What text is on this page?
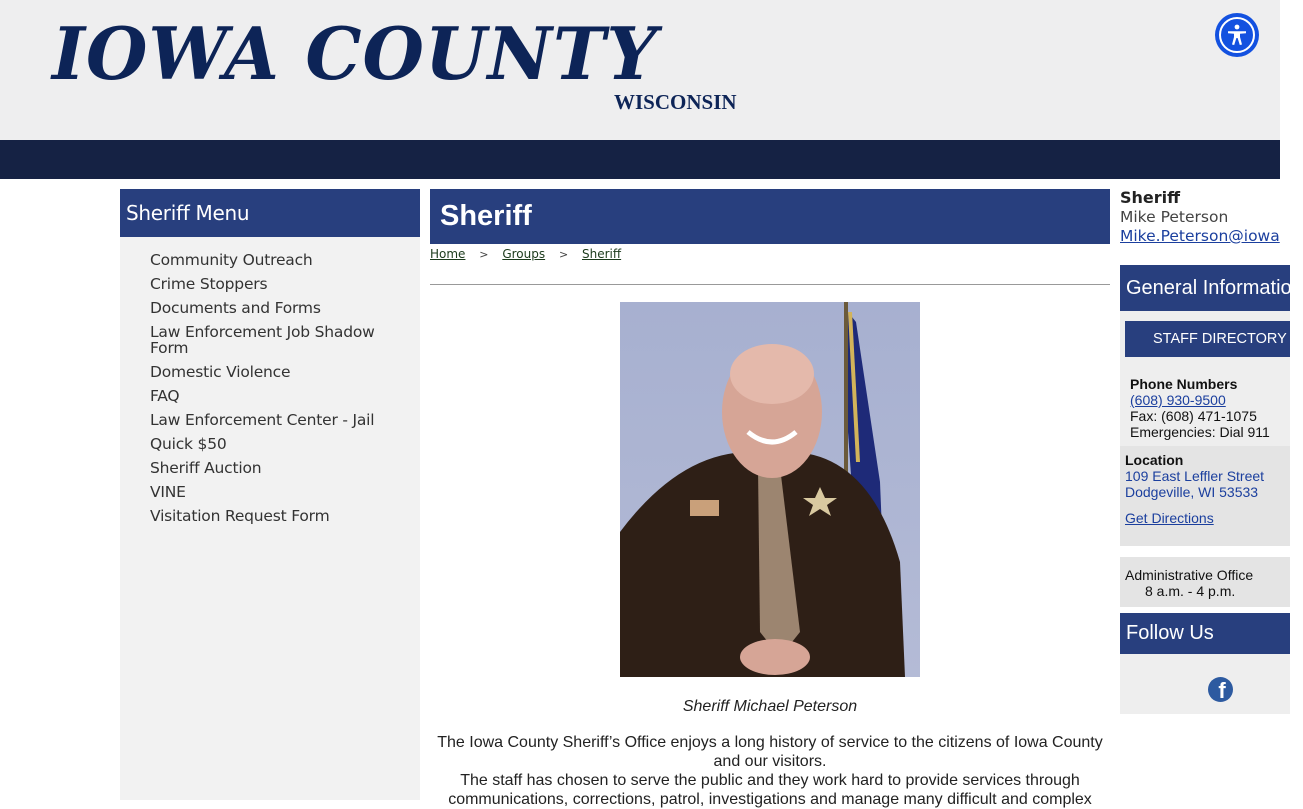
IOWA COUNTY
WISCONSIN
Sheriff Menu
Community Outreach
Crime Stoppers
Documents and Forms
Law Enforcement Job Shadow Form
Domestic Violence
FAQ
Law Enforcement Center - Jail
Quick $50
Sheriff Auction
VINE
Visitation Request Form
Sheriff
Home > Groups > Sheriff

Sheriff Michael Peterson

The Iowa County Sheriff’s Office enjoys a long history of service to the citizens of Iowa County and our visitors.

The staff has chosen to serve the public and they work hard to provide services through communications, corrections, patrol, investigations and manage many difficult and complex

Sheriff
Mike Peterson
Mike.Peterson@iowa
General Information
STAFF DIRECTORY
Phone Numbers
(608) 930-9500
Fax: (608) 471-1075
Emergencies: Dial 911
Location
109 East Leffler Street
Dodgeville, WI 53533
Get Directions
Administrative Office
8 a.m. - 4 p.m.
Follow Us
f
